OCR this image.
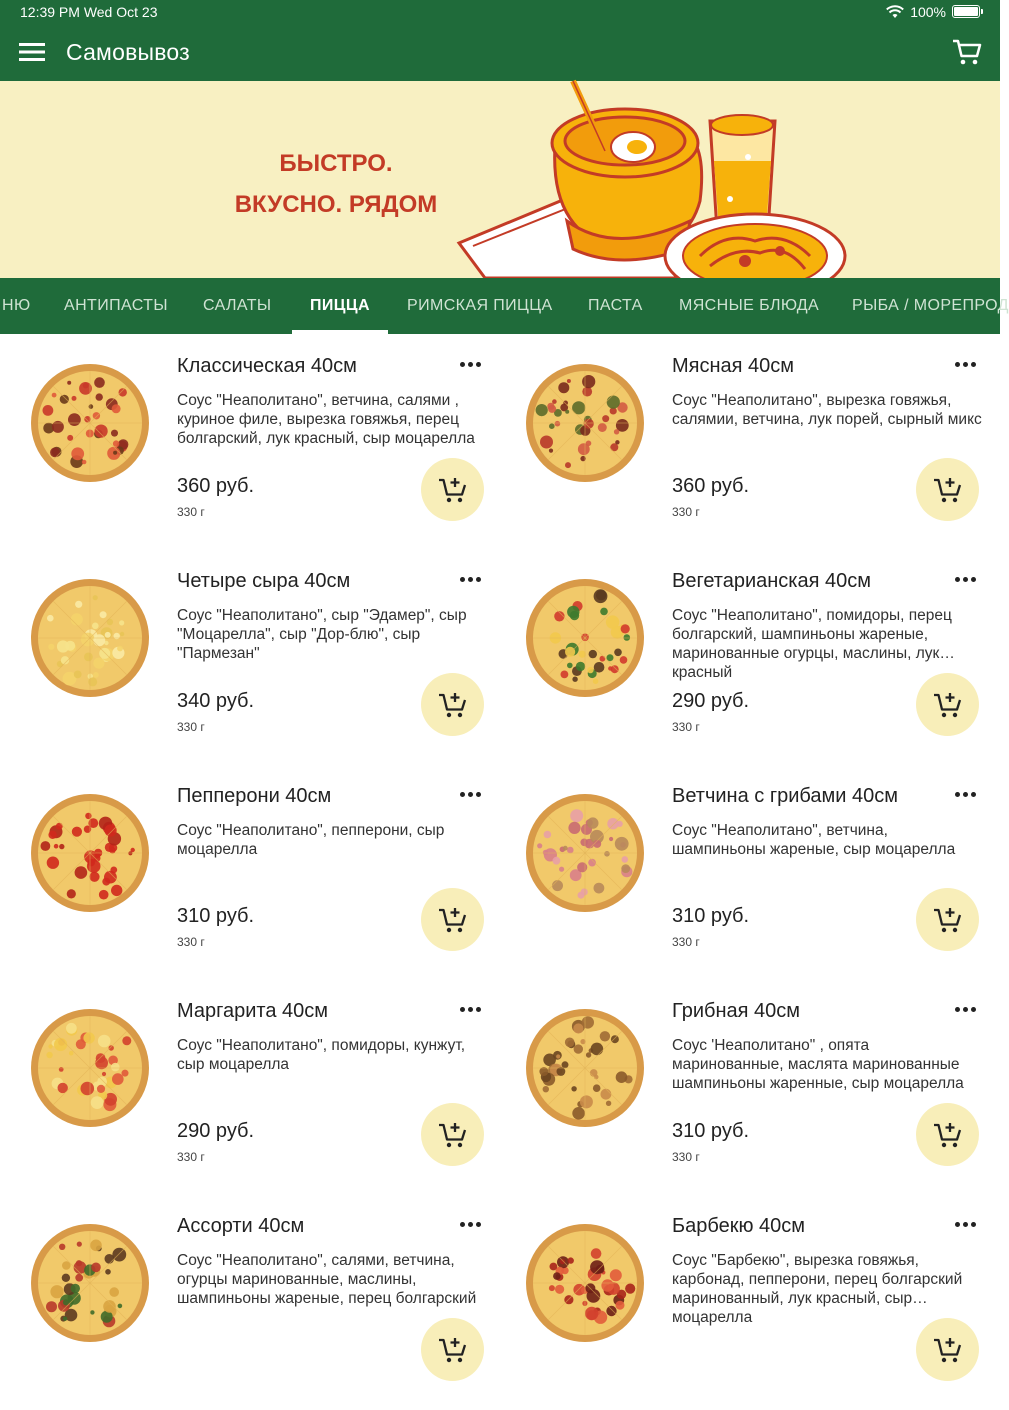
12:39 PM Wed Oct 23	100%
Самовывоз
БЫСТРО.
ВКУСНО. РЯДОМ
НЮ АНТИПАСТЫ САЛАТЫ ПИЦЦА РИМСКАЯ ПИЦЦА ПАСТА МЯСНЫЕ БЛЮДА РЫБА / МОРЕПРОД
Классическая 40см
Соус "Неаполитано", ветчина, салями , куриное филе, вырезка говяжья, перец болгарский, лук красный, сыр моцарелла
360 руб.
330 г
Мясная 40см
Соус "Неаполитано", вырезка говяжья, салямии, ветчина, лук порей, сырный микс
360 руб.
330 г
Четыре сыра 40см
Соус "Неаполитано", сыр "Эдамер", сыр "Моцарелла", сыр "Дор-блю", сыр "Пармезан"
340 руб.
330 г
Вегетарианская 40см
Соус "Неаполитано", помидоры, перец болгарский, шампиньоны жареные, маринованные огурцы, маслины, лук красный
290 руб.
330 г
Пепперони 40см
Соус "Неаполитано", пепперони, сыр моцарелла
310 руб.
330 г
Ветчина с грибами 40см
Соус "Неаполитано", ветчина, шампиньоны жареные, сыр моцарелла
310 руб.
330 г
Маргарита 40см
Соус "Неаполитано", помидоры, кунжут, сыр моцарелла
290 руб.
330 г
Грибная 40см
Соус 'Неаполитано" , опята маринованные, маслята маринованные шампиньоны жаренные, сыр моцарелла
310 руб.
330 г
Ассорти 40см
Соус "Неаполитано", салями, ветчина, огурцы маринованные, маслины, шампиньоны жареные, перец болгарский
Барбекю 40см
Соус "Барбекю", вырезка говяжья, карбонад, пепперони, перец болгарский маринованный, лук красный, сыр моцарелла
